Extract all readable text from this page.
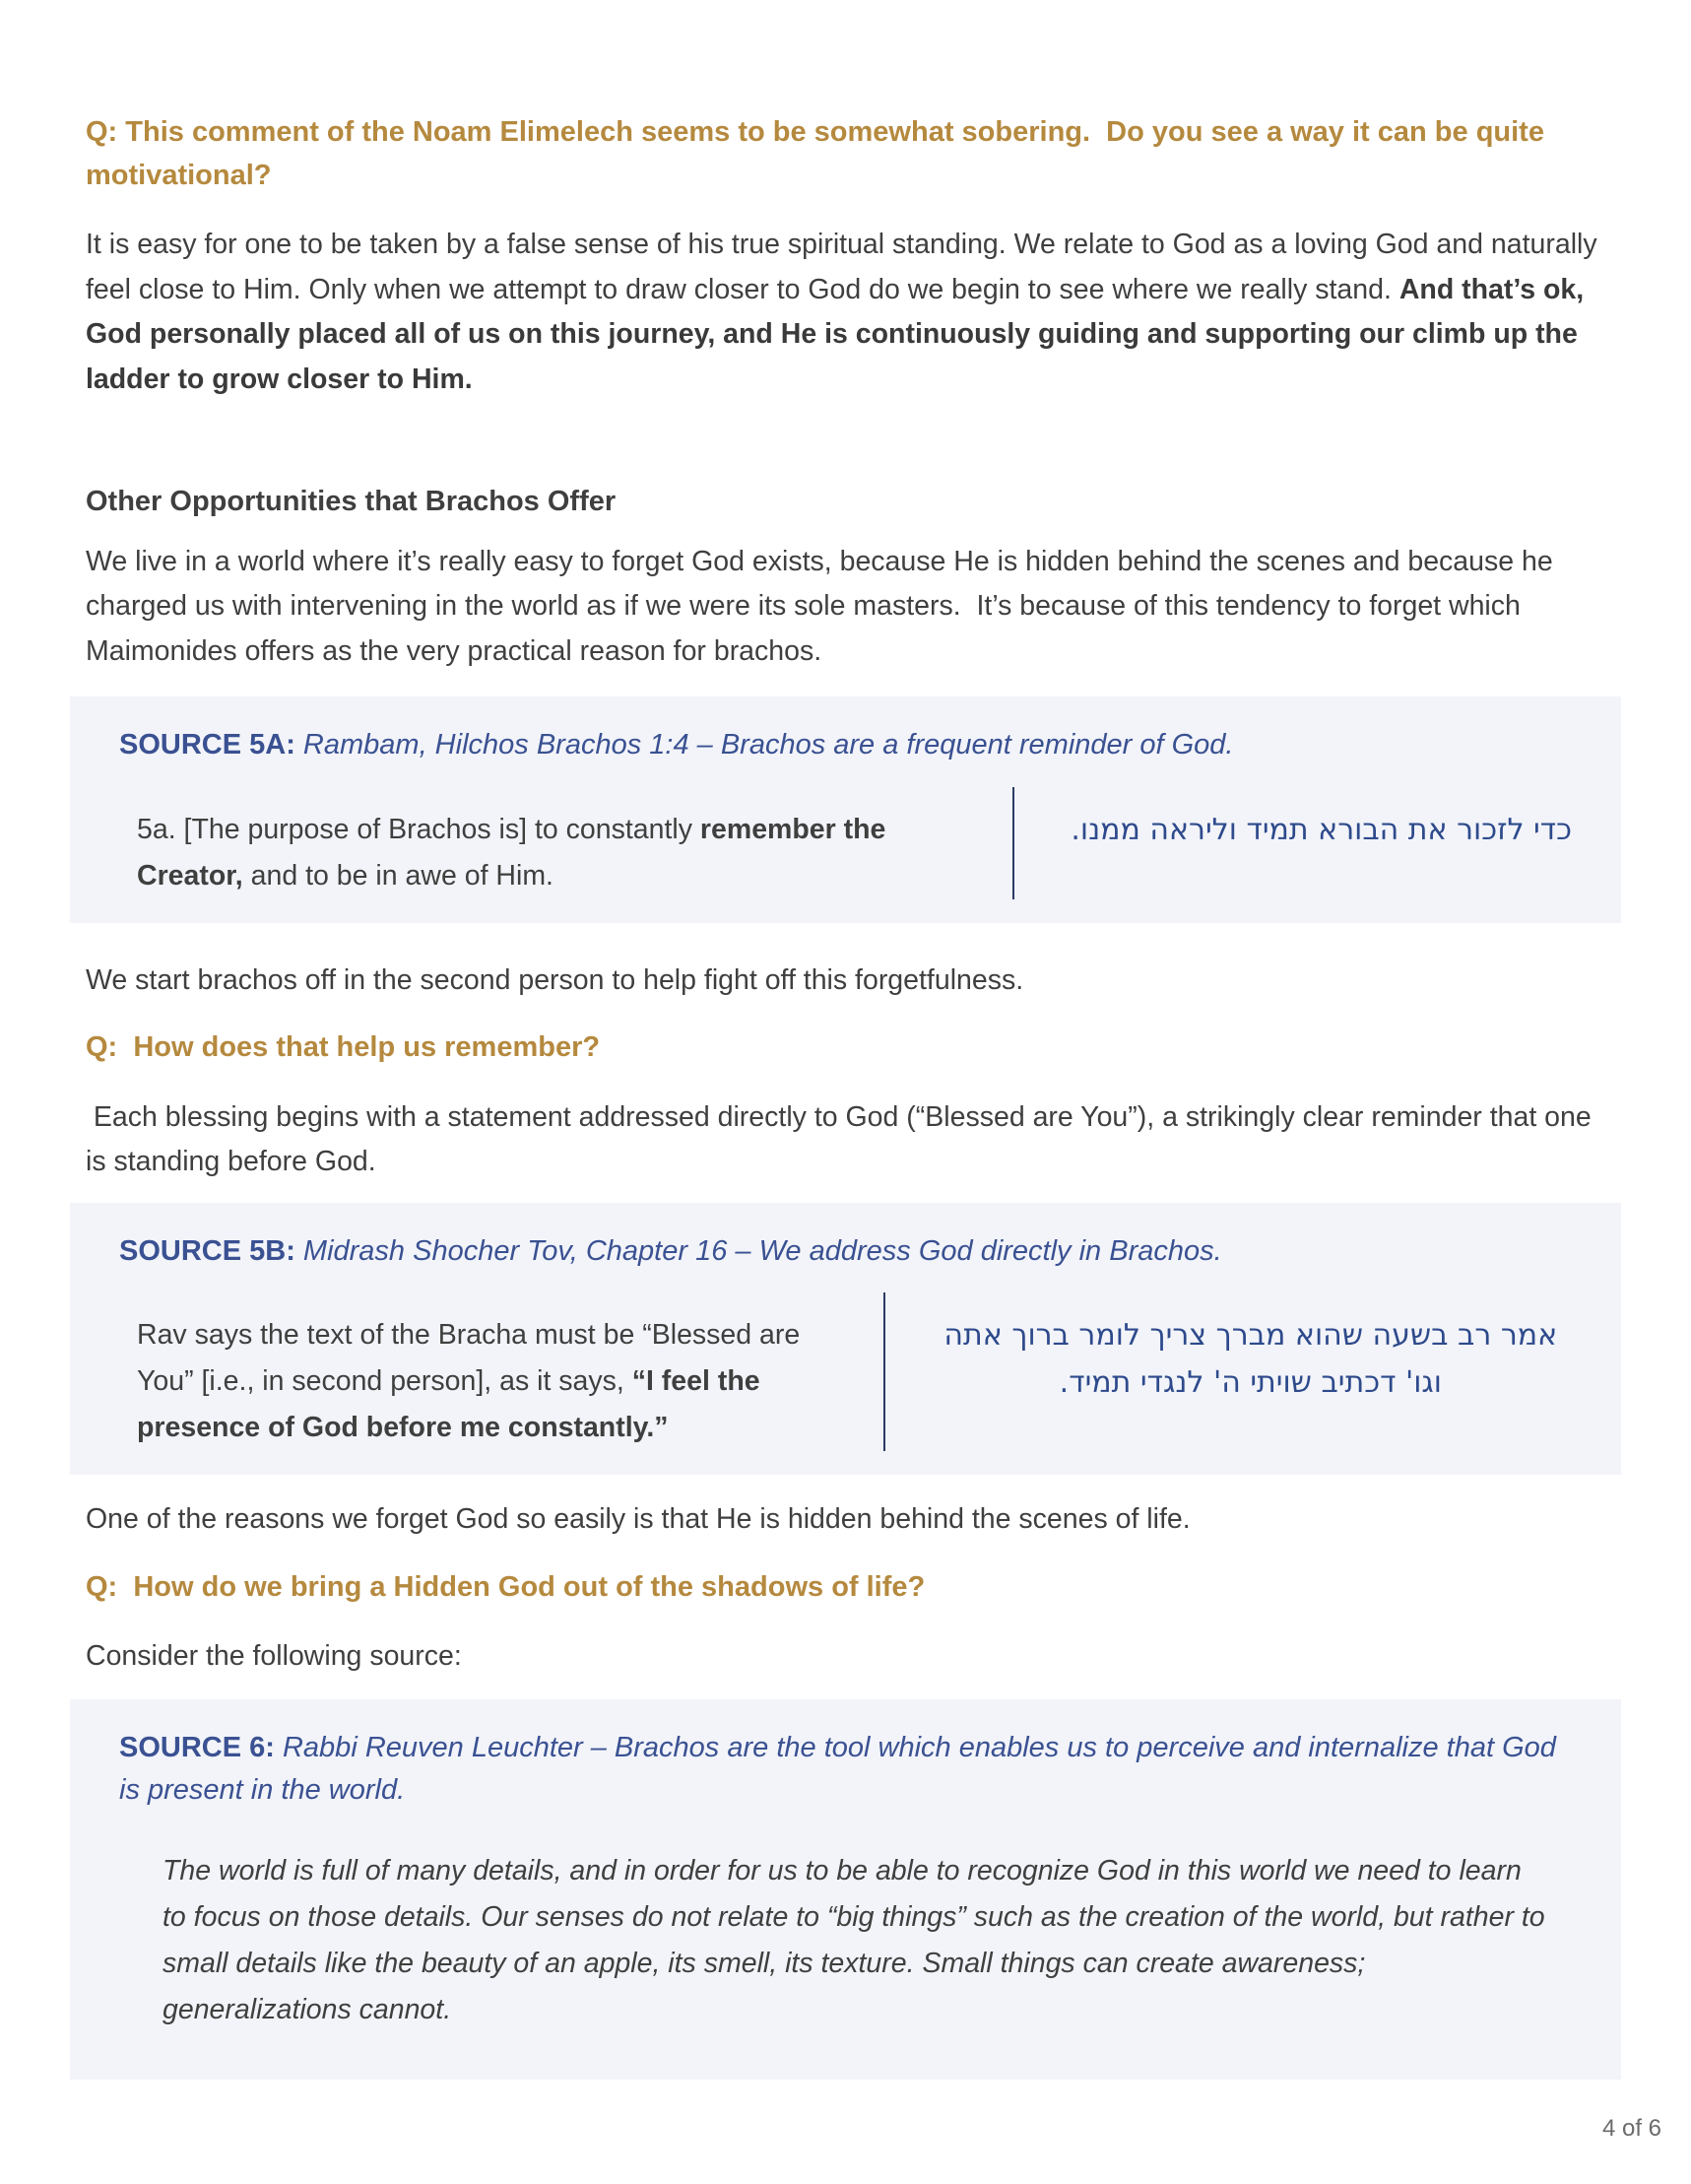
Q: This comment of the Noam Elimelech seems to be somewhat sobering.  Do you see a way it can be quite motivational?

It is easy for one to be taken by a false sense of his true spiritual standing. We relate to God as a loving God and naturally feel close to Him. Only when we attempt to draw closer to God do we begin to see where we really stand. And that’s ok,  God personally placed all of us on this journey, and He is continuously guiding and supporting our climb up the ladder to grow closer to Him.

Other Opportunities that Brachos Offer

We live in a world where it’s really easy to forget God exists, because He is hidden behind the scenes and because he charged us with intervening in the world as if we were its sole masters.  It’s because of this tendency to forget which Maimonides offers as the very practical reason for brachos.

SOURCE 5A: Rambam, Hilchos Brachos 1:4 – Brachos are a frequent reminder of God.

5a. [The purpose of Brachos is] to constantly remember the Creator, and to be in awe of Him.
כדי לזכור את הבורא תמיד וליראה ממנו.

We start brachos off in the second person to help fight off this forgetfulness.

Q:  How does that help us remember?

Each blessing begins with a statement addressed directly to God (“Blessed are You”), a strikingly clear reminder that one is standing before God.

SOURCE 5B: Midrash Shocher Tov, Chapter 16 – We address God directly in Brachos.

Rav says the text of the Bracha must be “Blessed are You” [i.e., in second person], as it says, “I feel the presence of God before me constantly.”
אמר רב בשעה שהוא מברך צריך לומר ברוך אתה וגו' דכתיב שויתי ה' לנגדי תמיד.

One of the reasons we forget God so easily is that He is hidden behind the scenes of life.

Q:  How do we bring a Hidden God out of the shadows of life?

Consider the following source:

SOURCE 6: Rabbi Reuven Leuchter – Brachos are the tool which enables us to perceive and internalize that God is present in the world.

The world is full of many details, and in order for us to be able to recognize God in this world we need to learn to focus on those details. Our senses do not relate to “big things” such as the creation of the world, but rather to small details like the beauty of an apple, its smell, its texture. Small things can create awareness; generalizations cannot.

4 of 6
